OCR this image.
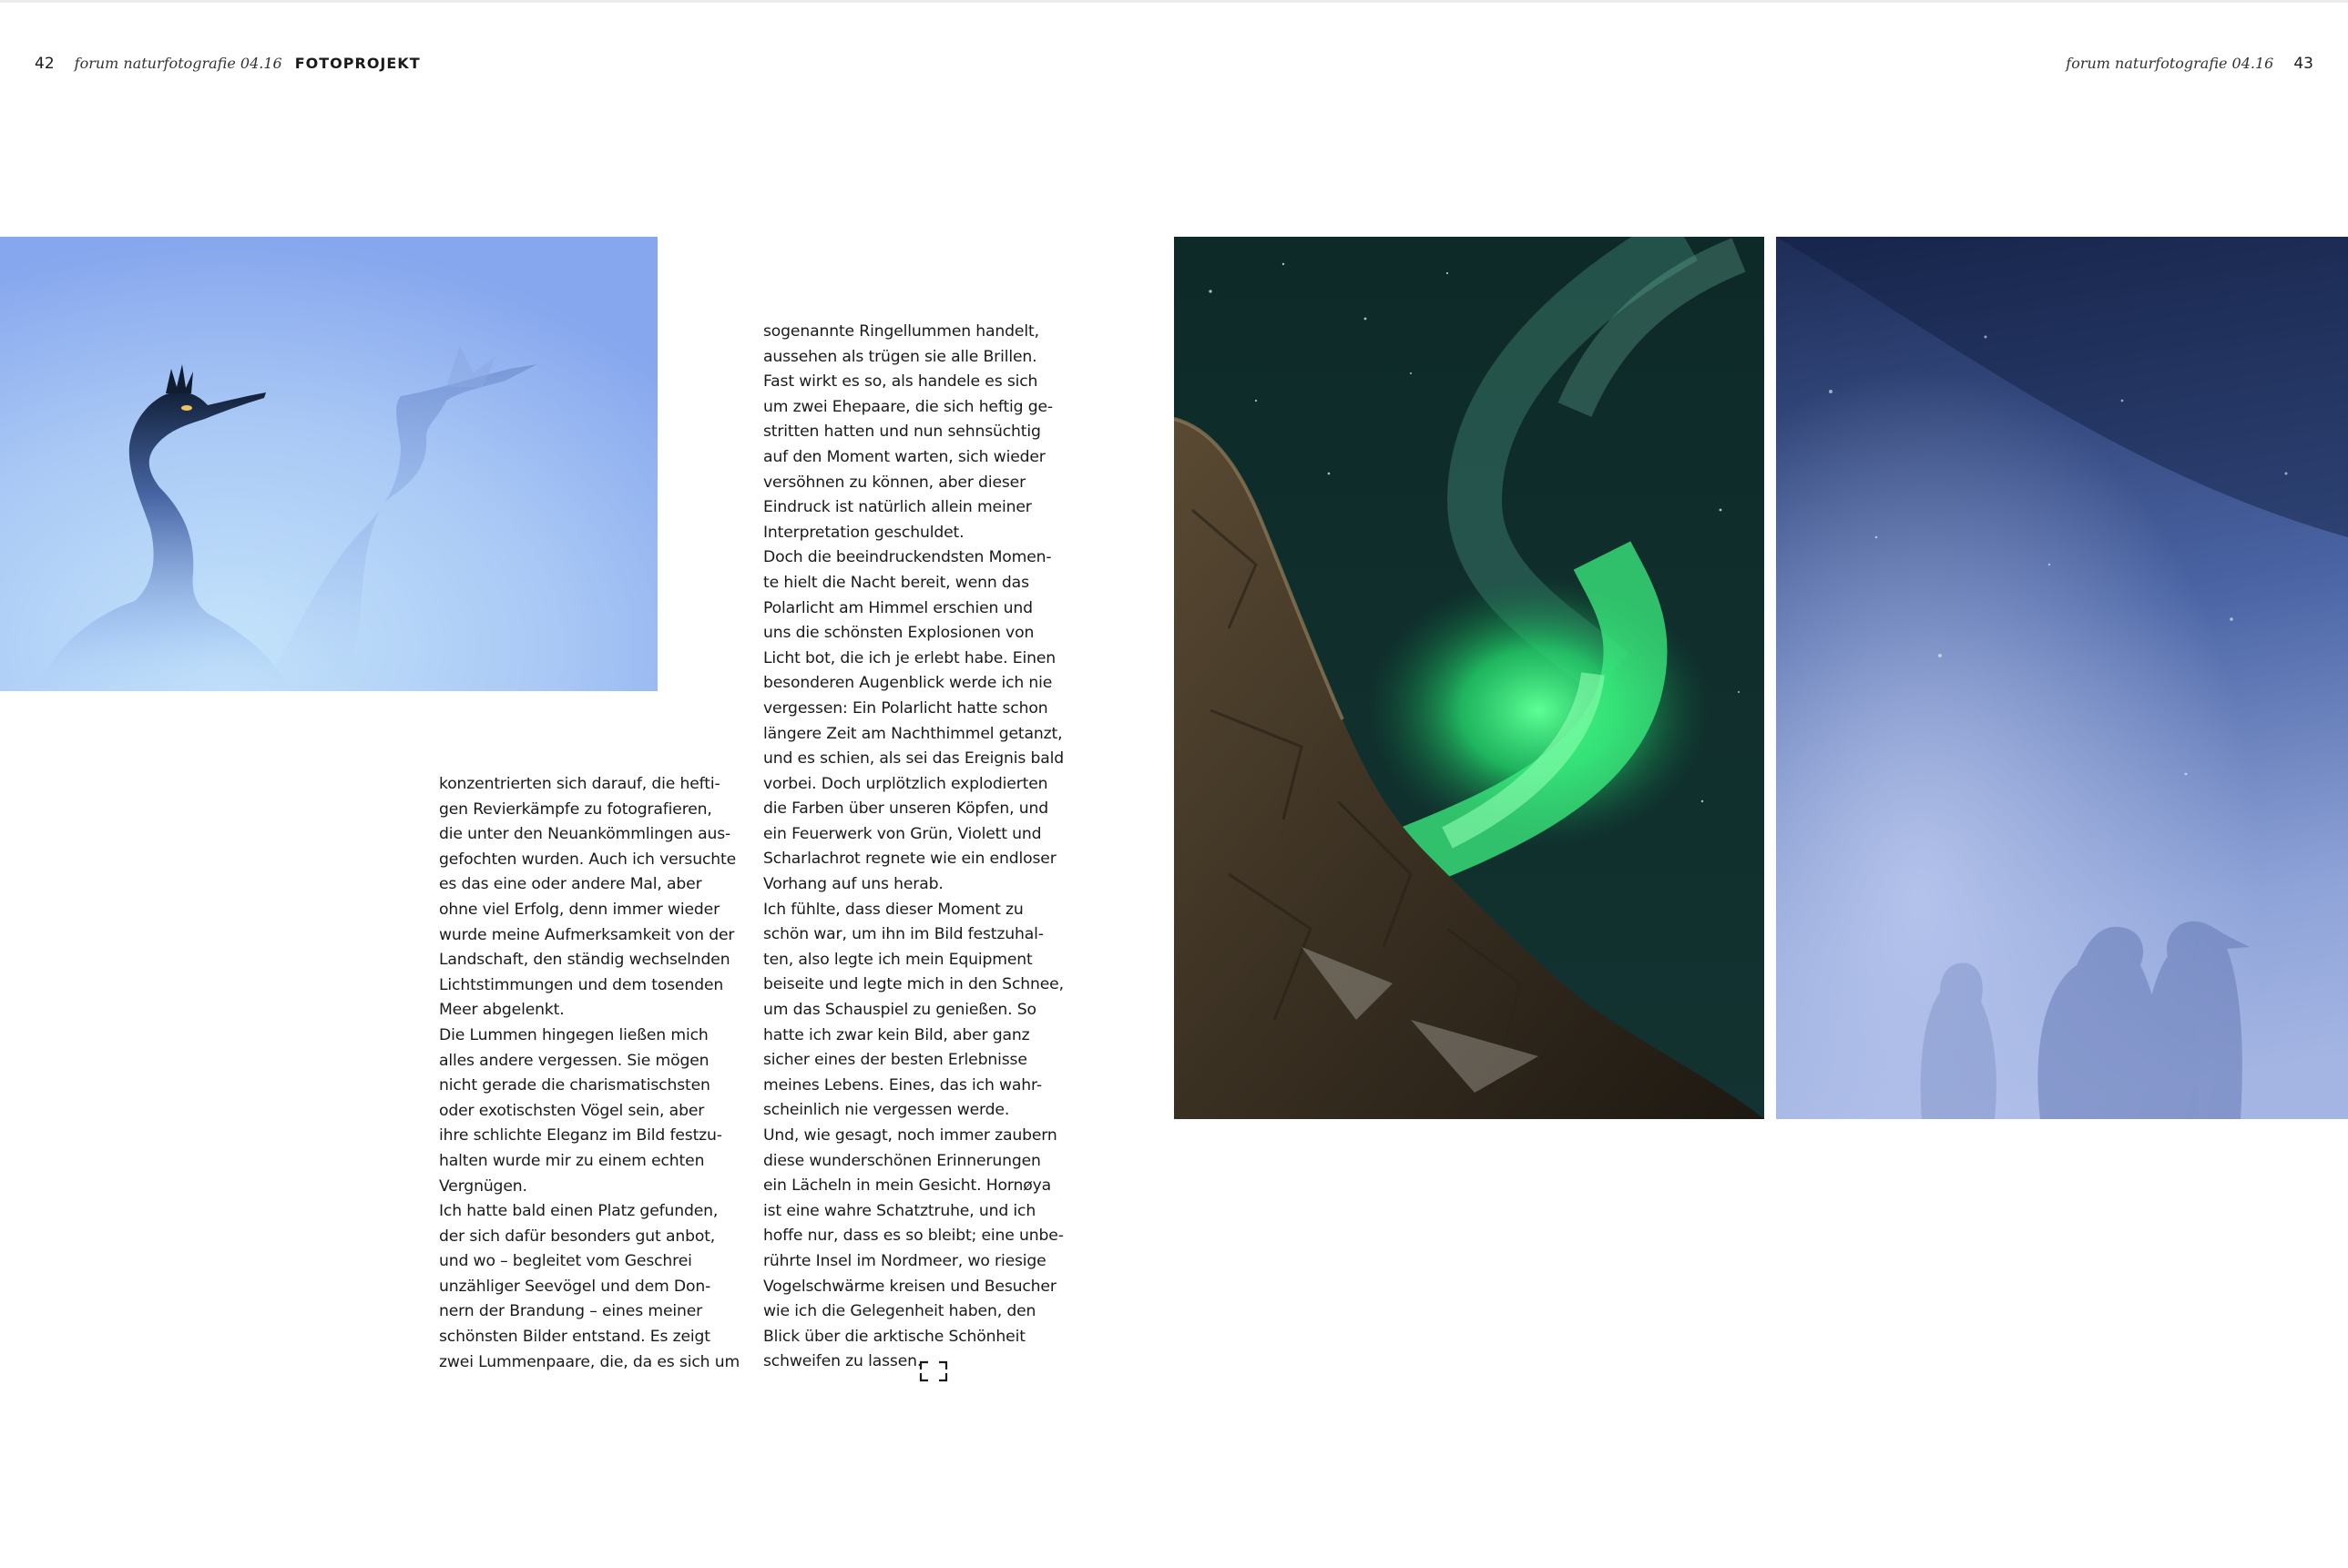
42 forum naturfotografie 04.16 FOTOPROJEKT	forum naturfotografie 04.16 43
konzentrierten sich darauf, die hefti-
gen Revierkämpfe zu fotografieren,
die unter den Neuankömmlingen aus-
gefochten wurden. Auch ich versuchte
es das eine oder andere Mal, aber
ohne viel Erfolg, denn immer wieder
wurde meine Aufmerksamkeit von der
Landschaft, den ständig wechselnden
Lichtstimmungen und dem tosenden
Meer abgelenkt.
Die Lummen hingegen ließen mich
alles andere vergessen. Sie mögen
nicht gerade die charismatischsten
oder exotischsten Vögel sein, aber
ihre schlichte Eleganz im Bild festzu-
halten wurde mir zu einem echten
Vergnügen.
Ich hatte bald einen Platz gefunden,
der sich dafür besonders gut anbot,
und wo – begleitet vom Geschrei
unzähliger Seevögel und dem Don-
nern der Brandung – eines meiner
schönsten Bilder entstand. Es zeigt
zwei Lummenpaare, die, da es sich um
sogenannte Ringellummen handelt,
aussehen als trügen sie alle Brillen.
Fast wirkt es so, als handele es sich
um zwei Ehepaare, die sich heftig ge-
stritten hatten und nun sehnsüchtig
auf den Moment warten, sich wieder
versöhnen zu können, aber dieser
Eindruck ist natürlich allein meiner
Interpretation geschuldet.
Doch die beeindruckendsten Momen-
te hielt die Nacht bereit, wenn das
Polarlicht am Himmel erschien und
uns die schönsten Explosionen von
Licht bot, die ich je erlebt habe. Einen
besonderen Augenblick werde ich nie
vergessen: Ein Polarlicht hatte schon
längere Zeit am Nachthimmel getanzt,
und es schien, als sei das Ereignis bald
vorbei. Doch urplötzlich explodierten
die Farben über unseren Köpfen, und
ein Feuerwerk von Grün, Violett und
Scharlachrot regnete wie ein endloser
Vorhang auf uns herab.
Ich fühlte, dass dieser Moment zu
schön war, um ihn im Bild festzuhal-
ten, also legte ich mein Equipment
beiseite und legte mich in den Schnee,
um das Schauspiel zu genießen. So
hatte ich zwar kein Bild, aber ganz
sicher eines der besten Erlebnisse
meines Lebens. Eines, das ich wahr-
scheinlich nie vergessen werde.
Und, wie gesagt, noch immer zaubern
diese wunderschönen Erinnerungen
ein Lächeln in mein Gesicht. Hornøya
ist eine wahre Schatztruhe, und ich
hoffe nur, dass es so bleibt; eine unbe-
rührte Insel im Nordmeer, wo riesige
Vogelschwärme kreisen und Besucher
wie ich die Gelegenheit haben, den
Blick über die arktische Schönheit
schweifen zu lassen.
